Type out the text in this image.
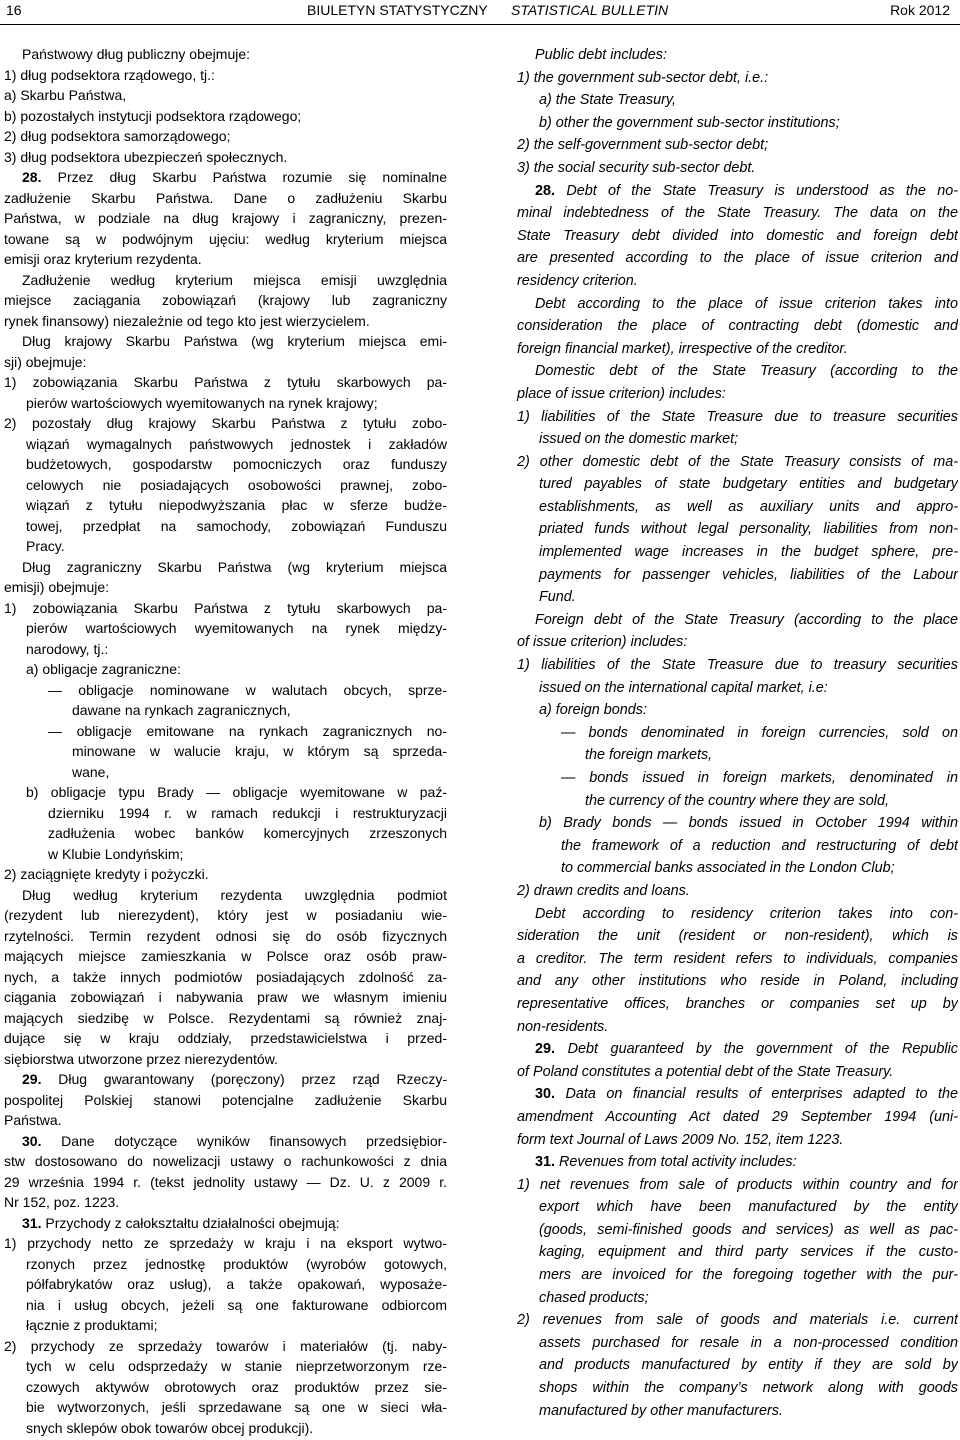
16	BIULETYN STATYSTYCZNY STATISTICAL BULLETIN	Rok 2012
Państwowy dług publiczny obejmuje:
1) dług podsektora rządowego, tj.:
a) Skarbu Państwa,
b) pozostałych instytucji podsektora rządowego;
2) dług podsektora samorządowego;
3) dług podsektora ubezpieczeń społecznych.
28. Przez dług Skarbu Państwa rozumie się nominalne
zadłużenie Skarbu Państwa. Dane o zadłużeniu Skarbu
Państwa, w podziale na dług krajowy i zagraniczny, prezen-
towane są w podwójnym ujęciu: według kryterium miejsca
emisji oraz kryterium rezydenta.
Zadłużenie według kryterium miejsca emisji uwzględnia
miejsce zaciągania zobowiązań (krajowy lub zagraniczny
rynek finansowy) niezależnie od tego kto jest wierzycielem.
Dług krajowy Skarbu Państwa (wg kryterium miejsca emi-
sji) obejmuje:
1) zobowiązania Skarbu Państwa z tytułu skarbowych pa-
pierów wartościowych wyemitowanych na rynek krajowy;
2) pozostały dług krajowy Skarbu Państwa z tytułu zobo-
wiązań wymagalnych państwowych jednostek i zakładów
budżetowych, gospodarstw pomocniczych oraz funduszy
celowych nie posiadających osobowości prawnej, zobo-
wiązań z tytułu niepodwyższania płac w sferze budże-
towej, przedpłat na samochody, zobowiązań Funduszu
Pracy.
Dług zagraniczny Skarbu Państwa (wg kryterium miejsca
emisji) obejmuje:
1) zobowiązania Skarbu Państwa z tytułu skarbowych pa-
pierów wartościowych wyemitowanych na rynek między-
narodowy, tj.:
a) obligacje zagraniczne:
— obligacje nominowane w walutach obcych, sprze-
dawane na rynkach zagranicznych,
— obligacje emitowane na rynkach zagranicznych no-
minowane w walucie kraju, w którym są sprzeda-
wane,
b) obligacje typu Brady — obligacje wyemitowane w paź-
dzierniku 1994 r. w ramach redukcji i restrukturyzacji
zadłużenia wobec banków komercyjnych zrzeszonych
w Klubie Londyńskim;
2) zaciągnięte kredyty i pożyczki.
Dług według kryterium rezydenta uwzględnia podmiot
(rezydent lub nierezydent), który jest w posiadaniu wie-
rzytelności. Termin rezydent odnosi się do osób fizycznych
mających miejsce zamieszkania w Polsce oraz osób praw-
nych, a także innych podmiotów posiadających zdolność za-
ciągania zobowiązań i nabywania praw we własnym imieniu
mających siedzibę w Polsce. Rezydentami są również znaj-
dujące się w kraju oddziały, przedstawicielstwa i przed-
siębiorstwa utworzone przez nierezydentów.
29. Dług gwarantowany (poręczony) przez rząd Rzeczy-
pospolitej Polskiej stanowi potencjalne zadłużenie Skarbu
Państwa.
30. Dane dotyczące wyników finansowych przedsiębior-
stw dostosowano do nowelizacji ustawy o rachunkowości z dnia
29 września 1994 r. (tekst jednolity ustawy — Dz. U. z 2009 r.
Nr 152, poz. 1223.
31. Przychody z całokształtu działalności obejmują:
1) przychody netto ze sprzedaży w kraju i na eksport wytwo-
rzonych przez jednostkę produktów (wyrobów gotowych,
półfabrykatów oraz usług), a także opakowań, wyposaże-
nia i usług obcych, jeżeli są one fakturowane odbiorcom
łącznie z produktami;
2) przychody ze sprzedaży towarów i materiałów (tj. naby-
tych w celu odsprzedaży w stanie nieprzetworzonym rze-
czowych aktywów obrotowych oraz produktów przez sie-
bie wytworzonych, jeśli sprzedawane są one w sieci wła-
snych sklepów obok towarów obcej produkcji).
Public debt includes:
1) the government sub-sector debt, i.e.:
a) the State Treasury,
b) other the government sub-sector institutions;
2) the self-government sub-sector debt;
3) the social security sub-sector debt.
28. Debt of the State Treasury is understood as the no-
minal indebtedness of the State Treasury. The data on the
State Treasury debt divided into domestic and foreign debt
are presented according to the place of issue criterion and
residency criterion.
Debt according to the place of issue criterion takes into
consideration the place of contracting debt (domestic and
foreign financial market), irrespective of the creditor.
Domestic debt of the State Treasury (according to the
place of issue criterion) includes:
1) liabilities of the State Treasure due to treasure securities
issued on the domestic market;
2) other domestic debt of the State Treasury consists of ma-
tured payables of state budgetary entities and budgetary
establishments, as well as auxiliary units and appro-
priated funds without legal personality, liabilities from non-
implemented wage increases in the budget sphere, pre-
payments for passenger vehicles, liabilities of the Labour
Fund.
Foreign debt of the State Treasury (according to the place
of issue criterion) includes:
1) liabilities of the State Treasure due to treasury securities
issued on the international capital market, i.e:
a) foreign bonds:
— bonds denominated in foreign currencies, sold on
the foreign markets,
— bonds issued in foreign markets, denominated in
the currency of the country where they are sold,
b) Brady bonds — bonds issued in October 1994 within
the framework of a reduction and restructuring of debt
to commercial banks associated in the London Club;
2) drawn credits and loans.
Debt according to residency criterion takes into con-
sideration the unit (resident or non-resident), which is
a creditor. The term resident refers to individuals, companies
and any other institutions who reside in Poland, including
representative offices, branches or companies set up by
non-residents.
29. Debt guaranteed by the government of the Republic
of Poland constitutes a potential debt of the State Treasury.
30. Data on financial results of enterprises adapted to the
amendment Accounting Act dated 29 September 1994 (uni-
form text Journal of Laws 2009 No. 152, item 1223.
31. Revenues from total activity includes:
1) net revenues from sale of products within country and for
export which have been manufactured by the entity
(goods, semi-finished goods and services) as well as pac-
kaging, equipment and third party services if the custo-
mers are invoiced for the foregoing together with the pur-
chased products;
2) revenues from sale of goods and materials i.e. current
assets purchased for resale in a non-processed condition
and products manufactured by entity if they are sold by
shops within the company’s network along with goods
manufactured by other manufacturers.
